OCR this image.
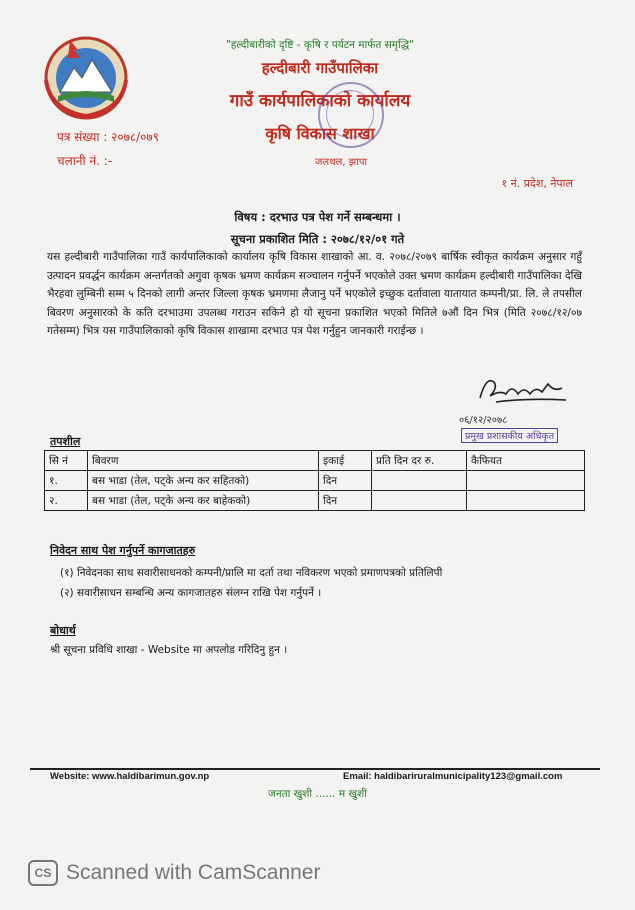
"हल्दीबारीको दृष्टि - कृषि र पर्यटन मार्फत समृद्धि"
हल्दीबारी गाउँपालिका
गाउँ कार्यपालिकाको कार्यालय
कृषि विकास शाखा
जलथल, झापा
पत्र संख्या : २०७८/०७९
चलानी नं. :-
१ नं. प्रदेश, नेपाल
विषय : दरभाउ पत्र पेश गर्ने सम्बन्धमा ।
सूचना प्रकाशित मिति : २०७८/१२/०१ गते
यस हल्दीबारी गाउँपालिका गाउँ कार्यपालिकाको कार्यालय कृषि विकास शाखाको आ. व. २०७८/२०७९ बार्षिक स्वीकृत कार्यक्रम अनुसार गहुँ उत्पादन प्रवर्द्धन कार्यक्रम अन्तर्गतको अगुवा कृषक भ्रमण कार्यक्रम सञ्चालन गर्नुपर्ने भएकोले उक्त भ्रमण कार्यक्रम हल्दीबारी गाउँपालिका देखि भैरहवा लुम्बिनी सम्म ५ दिनको लागी अन्तर जिल्ला कृषक भ्रमणमा लैजानु पर्ने भएकोले इच्छुक दर्तावाला यातायात कम्पनी/प्रा. लि. ले तपसील बिवरण अनुसारको के कति दरभाउमा उपलब्ध गराउन सकिने हो यो सूचना प्रकाशित भएको मितिले ७औं दिन भित्र (मिति २०७८/१२/०७ गतेसम्म) भित्र यस गाउँपालिकाको कृषि विकास शाखामा दरभाउ पत्र पेश गर्नुहुन जानकारी गराईन्छ ।
०६/१२/२०७८
प्रमुख प्रशासकीय अधिकृत
तपशील
सि नं	बिवरण	इकाई	प्रति दिन दर रु.	कैफियत
१.	बस भाडा (तेल, पट्के अन्य कर सहितको)	दिन		
२.	बस भाडा (तेल, पट्के अन्य कर बाहेकको)	दिन		
निवेदन साथ पेश गर्नुपर्ने कागजातहरु
(१) निवेदनका साथ सवारीसाधनको कम्पनी/प्रालि मा दर्ता तथा नविकरण भएको प्रमाणपत्रको प्रतिलिपी
(२) सवारीसाधन सम्बन्धि अन्य कागजातहरु संलग्न राखि पेश गर्नुपर्ने ।
बोधार्थ
श्री सूचना प्रविधि शाखा - Website मा अपलोड गरिदिनु हुन ।
Website: www.haldibarimun.gov.np	Email: haldibariruralmunicipality123@gmail.com
जनता खुशी ...... म खुशी
CS Scanned with CamScanner
